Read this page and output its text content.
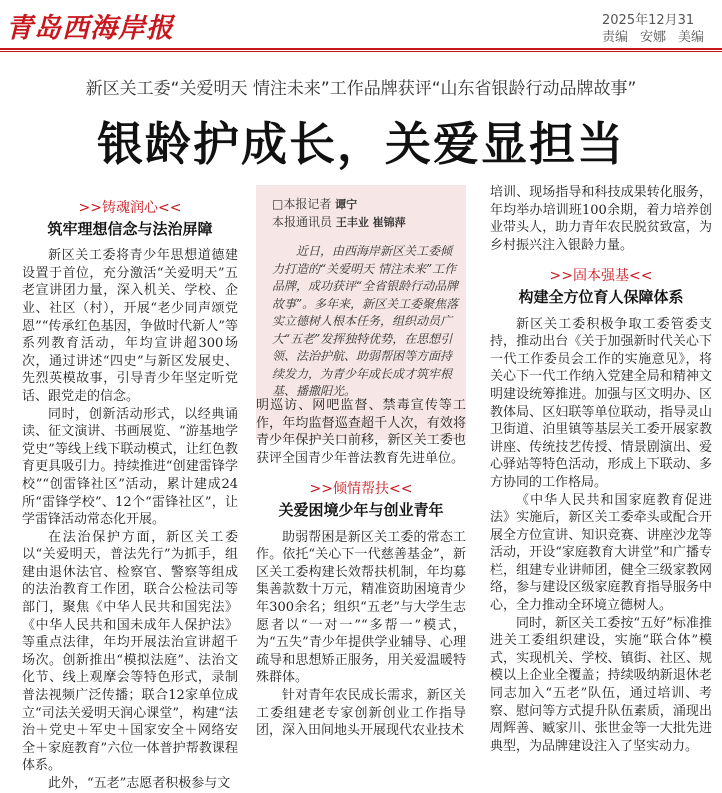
青岛西海岸报	2025年12月31
责编 安娜 美编
新区关工委“关爱明天 情注未来”工作品牌获评“山东省银龄行动品牌故事”
银龄护成长，关爱显担当
>>铸魂润心<<
筑牢理想信念与法治屏障

新区关工委将青少年思想道德建设置于首位，充分激活“关爱明天”五老宣讲团力量，深入机关、学校、企业、社区（村），开展“老少同声颂党恩”“传承红色基因，争做时代新人”等系列教育活动，年均宣讲超300场次，通过讲述“四史”与新区发展史、先烈英模故事，引导青少年坚定听党话、跟党走的信念。

同时，创新活动形式，以经典诵读、征文演讲、书画展览、“游基地学党史”等线上线下联动模式，让红色教育更具吸引力。持续推进“创建雷锋学校”“创雷锋社区”活动，累计建成24所“雷锋学校”、12个“雷锋社区”，让学雷锋活动常态化开展。

在法治保护方面，新区关工委以“关爱明天，普法先行”为抓手，组建由退休法官、检察官、警察等组成的法治教育工作团，联合公检法司等部门，聚焦《中华人民共和国宪法》《中华人民共和国未成年人保护法》等重点法律，年均开展法治宣讲超千场次。创新推出“模拟法庭”、法治文化节、线上观摩会等特色形式，录制普法视频广泛传播；联合12家单位成立“司法关爱明天润心课堂”，构建“法治＋党史＋军史＋国家安全＋网络安全＋家庭教育”六位一体普护帮教课程体系。

此外，“五老”志愿者积极参与文

□本报记者 谭宁
本报通讯员 王丰业 崔锦萍

近日，由西海岸新区关工委倾力打造的“关爱明天 情注未来”工作品牌，成功获评“全省银龄行动品牌故事”。多年来，新区关工委聚焦落实立德树人根本任务，组织动员广大“五老”发挥独特优势，在思想引领、法治护航、助弱帮困等方面持续发力，为青少年成长成才筑牢根基、播撒阳光。

明巡访、网吧监督、禁毒宣传等工作，年均监督巡查超千人次，有效将青少年保护关口前移，新区关工委也获评全国青少年普法教育先进单位。

>>倾情帮扶<<
关爱困境少年与创业青年

助弱帮困是新区关工委的常态工作。依托“关心下一代慈善基金”，新区关工委构建长效帮扶机制，年均募集善款数十万元，精准资助困境青少年300余名；组织“五老”与大学生志愿者以“一对一”“多帮一”模式，为“五失”青少年提供学业辅导、心理疏导和思想矫正服务，用关爱温暖特殊群体。

针对青年农民成长需求，新区关工委组建老专家创新创业工作指导团，深入田间地头开展现代农业技术

培训、现场指导和科技成果转化服务，年均举办培训班100余期，着力培养创业带头人，助力青年农民脱贫致富，为乡村振兴注入银龄力量。

>>固本强基<<
构建全方位育人保障体系

新区关工委积极争取工委管委支持，推动出台《关于加强新时代关心下一代工作委员会工作的实施意见》，将关心下一代工作纳入党建全局和精神文明建设统筹推进。加强与区文明办、区教体局、区妇联等单位联动，指导灵山卫街道、泊里镇等基层关工委开展家教讲座、传统技艺传授、情景剧演出、爱心驿站等特色活动，形成上下联动、多方协同的工作格局。

《中华人民共和国家庭教育促进法》实施后，新区关工委牵头或配合开展全方位宣讲、知识竞赛、讲座沙龙等活动，开设“家庭教育大讲堂”和广播专栏，组建专业讲师团，健全三级家教网络，参与建设区级家庭教育指导服务中心，全力推动全环境立德树人。

同时，新区关工委按“五好”标准推进关工委组织建设，实施“联合体”模式，实现机关、学校、镇街、社区、规模以上企业全覆盖；持续吸纳新退休老同志加入“五老”队伍，通过培训、考察、慰问等方式提升队伍素质，涌现出周辉善、臧家川、张世金等一大批先进典型，为品牌建设注入了坚实动力。
